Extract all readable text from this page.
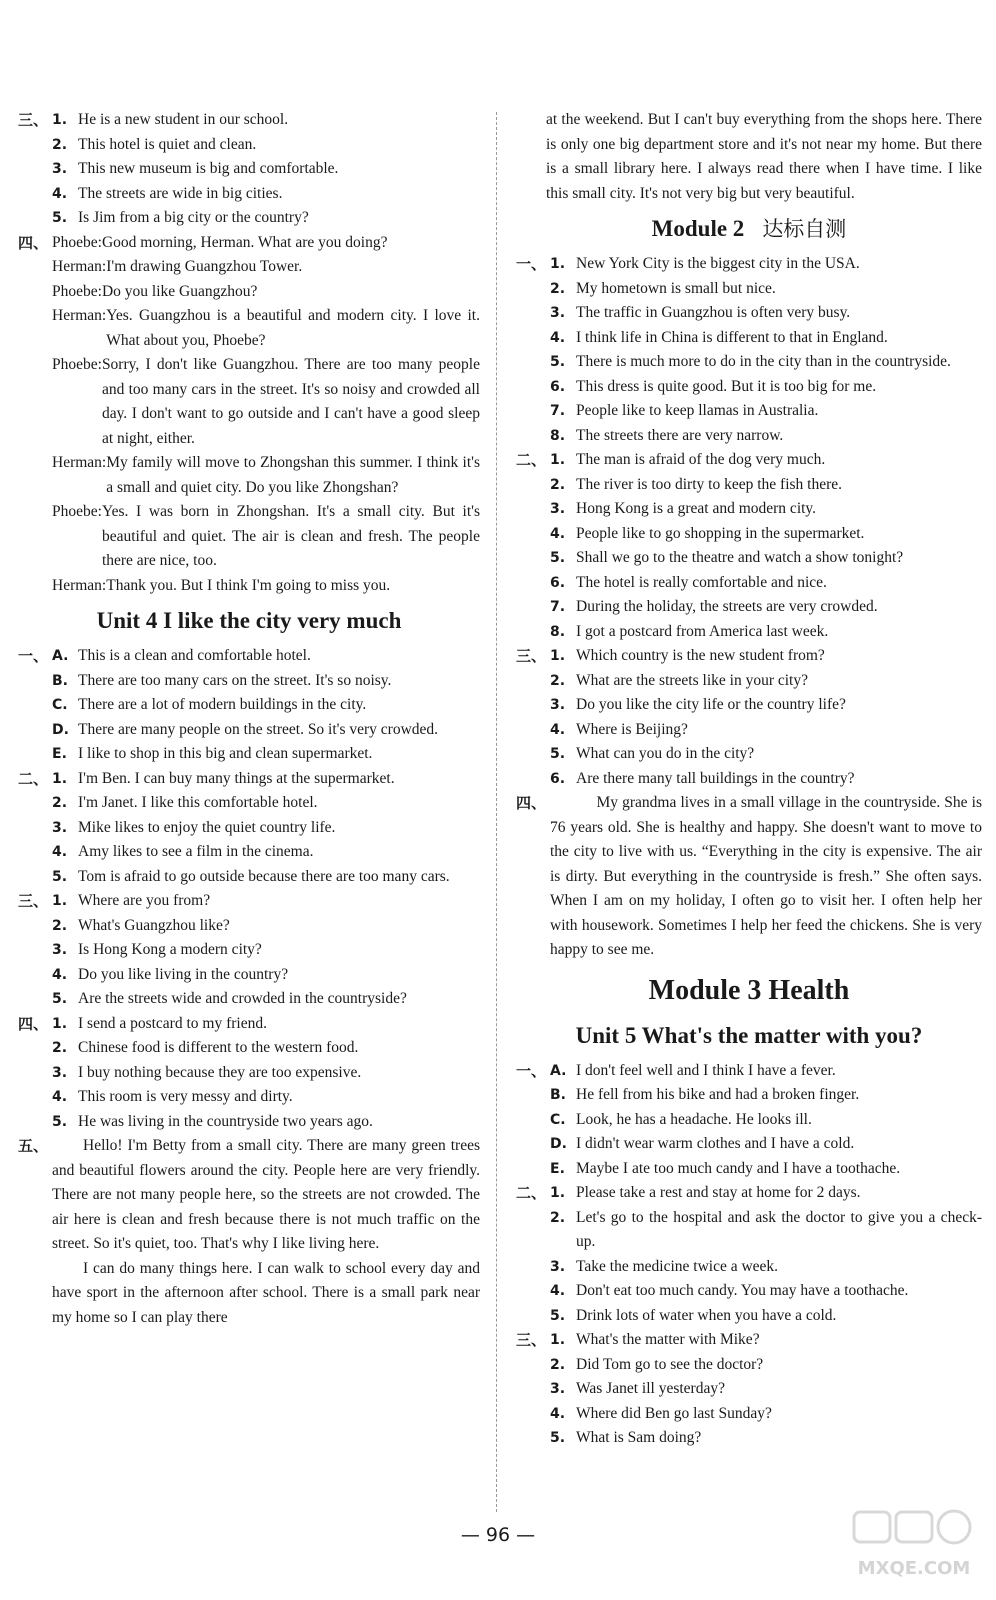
三、 1. He is a new student in our school.
2. This hotel is quiet and clean.
3. This new museum is big and comfortable.
4. The streets are wide in big cities.
5. Is Jim from a big city or the country?
四、 Phoebe: Good morning, Herman. What are you doing?
Herman: I'm drawing Guangzhou Tower.
Phoebe: Do you like Guangzhou?
Herman: Yes. Guangzhou is a beautiful and modern city. I love it. What about you, Phoebe?
Phoebe: Sorry, I don't like Guangzhou. There are too many people and too many cars in the street. It's so noisy and crowded all day. I don't want to go outside and I can't have a good sleep at night, either.
Herman: My family will move to Zhongshan this summer. I think it's a small and quiet city. Do you like Zhongshan?
Phoebe: Yes. I was born in Zhongshan. It's a small city. But it's beautiful and quiet. The air is clean and fresh. The people there are nice, too.
Herman: Thank you. But I think I'm going to miss you.
Unit 4 I like the city very much
一、 A. This is a clean and comfortable hotel.
B. There are too many cars on the street. It's so noisy.
C. There are a lot of modern buildings in the city.
D. There are many people on the street. So it's very crowded.
E. I like to shop in this big and clean supermarket.
二、 1. I'm Ben. I can buy many things at the supermarket.
2. I'm Janet. I like this comfortable hotel.
3. Mike likes to enjoy the quiet country life.
4. Amy likes to see a film in the cinema.
5. Tom is afraid to go outside because there are too many cars.
三、 1. Where are you from?
2. What's Guangzhou like?
3. Is Hong Kong a modern city?
4. Do you like living in the country?
5. Are the streets wide and crowded in the countryside?
四、 1. I send a postcard to my friend.
2. Chinese food is different to the western food.
3. I buy nothing because they are too expensive.
4. This room is very messy and dirty.
5. He was living in the countryside two years ago.
五、	Hello! I'm Betty from a small city. There are many green trees and beautiful flowers around the city. People here are very friendly. There are not many people here, so the streets are not crowded. The air here is clean and fresh because there is not much traffic on the street. So it's quiet, too. That's why I like living here.
I can do many things here. I can walk to school every day and have sport in the afternoon after school. There is a small park near my home so I can play there
at the weekend. But I can't buy everything from the shops here. There is only one big department store and it's not near my home. But there is a small library here. I always read there when I have time. I like this small city. It's not very big but very beautiful.
Module 2 达标自测
一、 1. New York City is the biggest city in the USA.
2. My hometown is small but nice.
3. The traffic in Guangzhou is often very busy.
4. I think life in China is different to that in England.
5. There is much more to do in the city than in the countryside.
6. This dress is quite good. But it is too big for me.
7. People like to keep llamas in Australia.
8. The streets there are very narrow.
二、 1. The man is afraid of the dog very much.
2. The river is too dirty to keep the fish there.
3. Hong Kong is a great and modern city.
4. People like to go shopping in the supermarket.
5. Shall we go to the theatre and watch a show tonight?
6. The hotel is really comfortable and nice.
7. During the holiday, the streets are very crowded.
8. I got a postcard from America last week.
三、 1. Which country is the new student from?
2. What are the streets like in your city?
3. Do you like the city life or the country life?
4. Where is Beijing?
5. What can you do in the city?
6. Are there many tall buildings in the country?
四、	My grandma lives in a small village in the countryside. She is 76 years old. She is healthy and happy. She doesn't want to move to the city to live with us. “Everything in the city is expensive. The air is dirty. But everything in the countryside is fresh.” She often says. When I am on my holiday, I often go to visit her. I often help her with housework. Sometimes I help her feed the chickens. She is very happy to see me.
Module 3 Health
Unit 5 What's the matter with you?
一、 A. I don't feel well and I think I have a fever.
B. He fell from his bike and had a broken finger.
C. Look, he has a headache. He looks ill.
D. I didn't wear warm clothes and I have a cold.
E. Maybe I ate too much candy and I have a toothache.
二、 1. Please take a rest and stay at home for 2 days.
2. Let's go to the hospital and ask the doctor to give you a check-up.
3. Take the medicine twice a week.
4. Don't eat too much candy. You may have a toothache.
5. Drink lots of water when you have a cold.
三、 1. What's the matter with Mike?
2. Did Tom go to see the doctor?
3. Was Janet ill yesterday?
4. Where did Ben go last Sunday?
5. What is Sam doing?
— 96 —
MXQE.COM
